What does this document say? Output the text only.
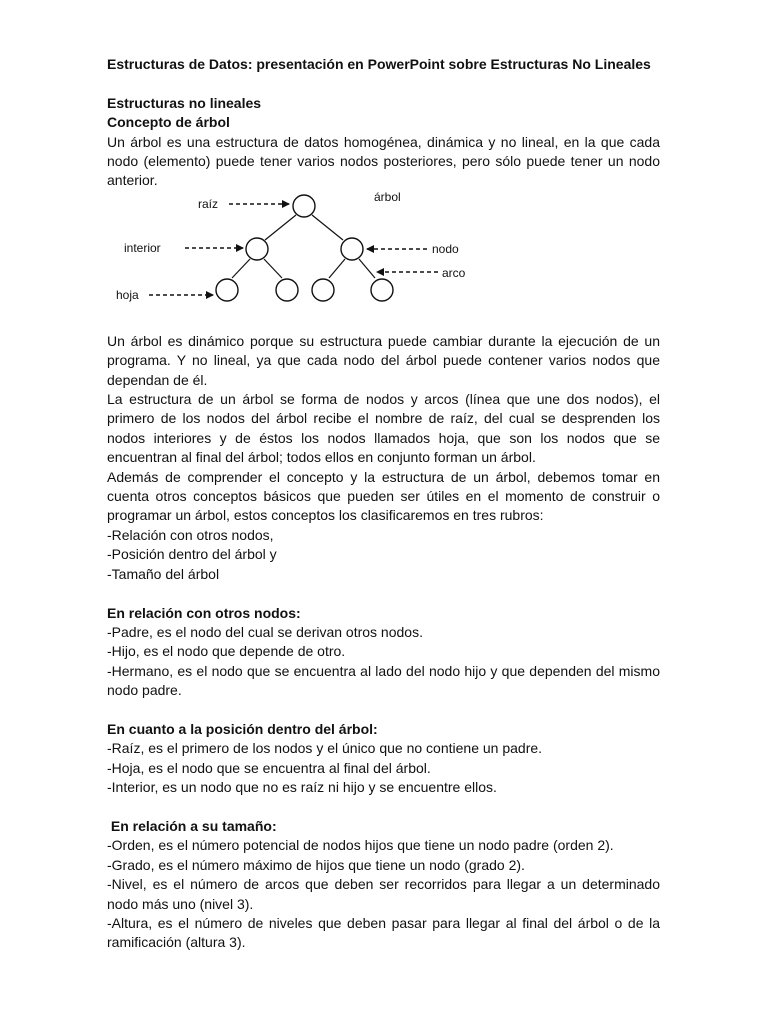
Estructuras de Datos: presentación en PowerPoint sobre Estructuras No Lineales

Estructuras no lineales

Concepto de árbol

Un árbol es una estructura de datos homogénea, dinámica y no lineal, en la que cada nodo (elemento) puede tener varios nodos posteriores, pero sólo puede tener un nodo anterior.

raíz	árbol
interior	nodo
arco
hoja

Un árbol es dinámico porque su estructura puede cambiar durante la ejecución de un programa. Y no lineal, ya que cada nodo del árbol puede contener varios nodos que dependan de él.

La estructura de un árbol se forma de nodos y arcos (línea que une dos nodos), el primero de los nodos del árbol recibe el nombre de raíz, del cual se desprenden los nodos interiores y de éstos los nodos llamados hoja, que son los nodos que se encuentran al final del árbol; todos ellos en conjunto forman un árbol.

Además de comprender el concepto y la estructura de un árbol, debemos tomar en cuenta otros conceptos básicos que pueden ser útiles en el momento de construir o programar un árbol, estos conceptos los clasificaremos en tres rubros:

-Relación con otros nodos,

-Posición dentro del árbol y

-Tamaño del árbol

En relación con otros nodos:

-Padre, es el nodo del cual se derivan otros nodos.

-Hijo, es el nodo que depende de otro.

-Hermano, es el nodo que se encuentra al lado del nodo hijo y que dependen del mismo nodo padre.

En cuanto a la posición dentro del árbol:

-Raíz, es el primero de los nodos y el único que no contiene un padre.

-Hoja, es el nodo que se encuentra al final del árbol.

-Interior, es un nodo que no es raíz ni hijo y se encuentre ellos.

En relación a su tamaño:

-Orden, es el número potencial de nodos hijos que tiene un nodo padre (orden 2).

-Grado, es el número máximo de hijos que tiene un nodo (grado 2).

-Nivel, es el número de arcos que deben ser recorridos para llegar a un determinado nodo más uno (nivel 3).

-Altura, es el número de niveles que deben pasar para llegar al final del árbol o de la ramificación (altura 3).
